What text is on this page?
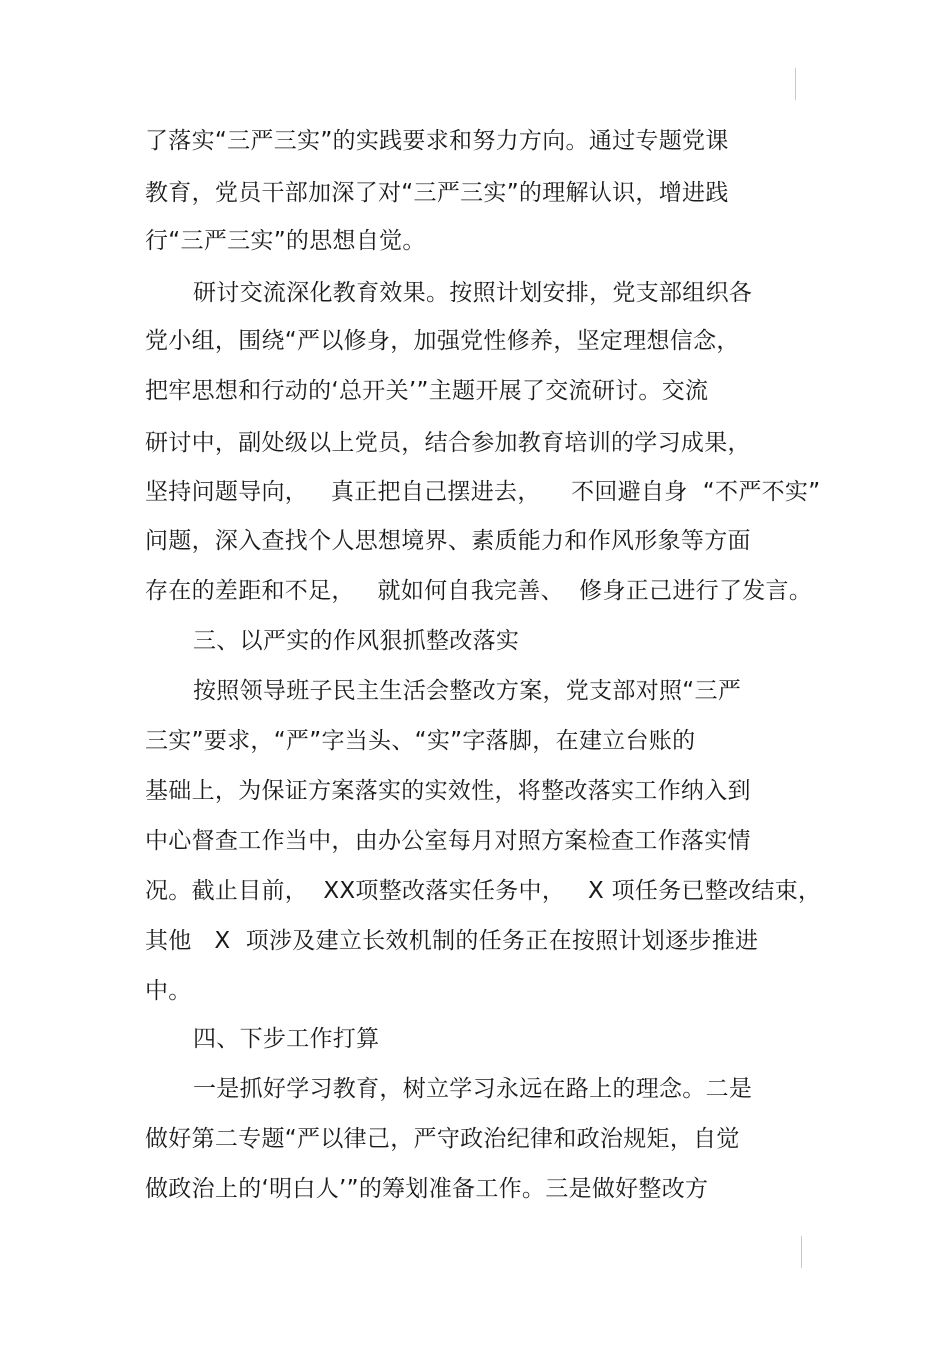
了落实“三严三实”的实践要求和努力方向。通过专题党课

教育，党员干部加深了对“三严三实”的理解认识，增进践

行“三严三实”的思想自觉。

研讨交流深化教育效果。按照计划安排，党支部组织各

党小组，围绕“严以修身，加强党性修养，坚定理想信念，

把牢思想和行动的‘总开关’”主题开展了交流研讨。交流

研讨中，副处级以上党员，结合参加教育培训的学习成果，

坚持问题导向，   真正把自己摆进去，    不回避自身  “不严不实”

问题，深入查找个人思想境界、素质能力和作风形象等方面

存在的差距和不足，   就如何自我完善、  修身正己进行了发言。

三、以严实的作风狠抓整改落实

按照领导班子民主生活会整改方案，党支部对照“三严

三实”要求，“严”字当头、“实”字落脚，在建立台账的

基础上，为保证方案落实的实效性，将整改落实工作纳入到

中心督查工作当中，由办公室每月对照方案检查工作落实情

况。截止目前，  XX项整改落实任务中，   X 项任务已整改结束，

其他   X  项涉及建立长效机制的任务正在按照计划逐步推进

中。

四、下步工作打算

一是抓好学习教育，树立学习永远在路上的理念。二是

做好第二专题“严以律己，严守政治纪律和政治规矩，自觉

做政治上的‘明白人’”的筹划准备工作。三是做好整改方
